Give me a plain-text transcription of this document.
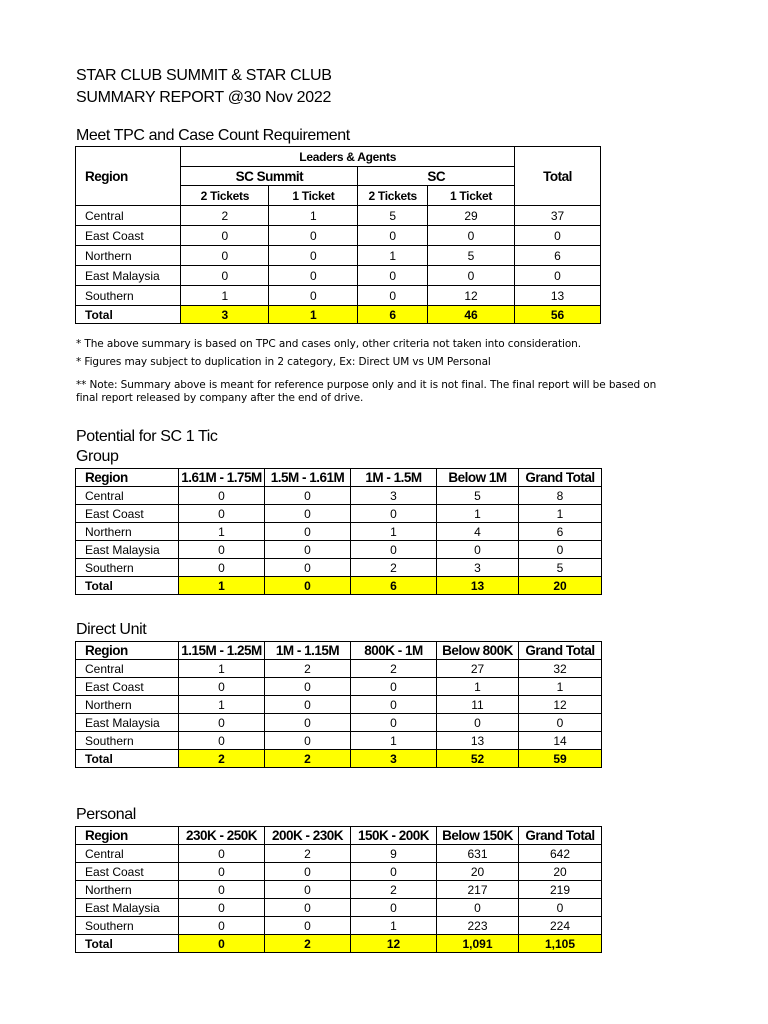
STAR CLUB SUMMIT & STAR CLUB
SUMMARY REPORT @30 Nov 2022
Meet TPC and Case Count Requirement
Region	Leaders & Agents				Total
	SC Summit		SC		
	2 Tickets	1 Ticket	2 Tickets	1 Ticket	
Central	2	1	5	29	37
East Coast	0	0	0	0	0
Northern	0	0	1	5	6
East Malaysia	0	0	0	0	0
Southern	1	0	0	12	13
Total	3	1	6	46	56
* The above summary is based on TPC and cases only, other criteria not taken into consideration.
* Figures may subject to duplication in 2 category, Ex: Direct UM vs UM Personal
** Note: Summary above is meant for reference purpose only and it is not final. The final report will be based on
final report released by company after the end of drive.
Potential for SC 1 Tic
Group
Region	1.61M - 1.75M	1.5M - 1.61M	1M - 1.5M	Below 1M	Grand Total
Central	0	0	3	5	8
East Coast	0	0	0	1	1
Northern	1	0	1	4	6
East Malaysia	0	0	0	0	0
Southern	0	0	2	3	5
Total	1	0	6	13	20
Direct Unit
Region	1.15M - 1.25M	1M - 1.15M	800K - 1M	Below 800K	Grand Total
Central	1	2	2	27	32
East Coast	0	0	0	1	1
Northern	1	0	0	11	12
East Malaysia	0	0	0	0	0
Southern	0	0	1	13	14
Total	2	2	3	52	59
Personal
Region	230K - 250K	200K - 230K	150K - 200K	Below 150K	Grand Total
Central	0	2	9	631	642
East Coast	0	0	0	20	20
Northern	0	0	2	217	219
East Malaysia	0	0	0	0	0
Southern	0	0	1	223	224
Total	0	2	12	1,091	1,105
